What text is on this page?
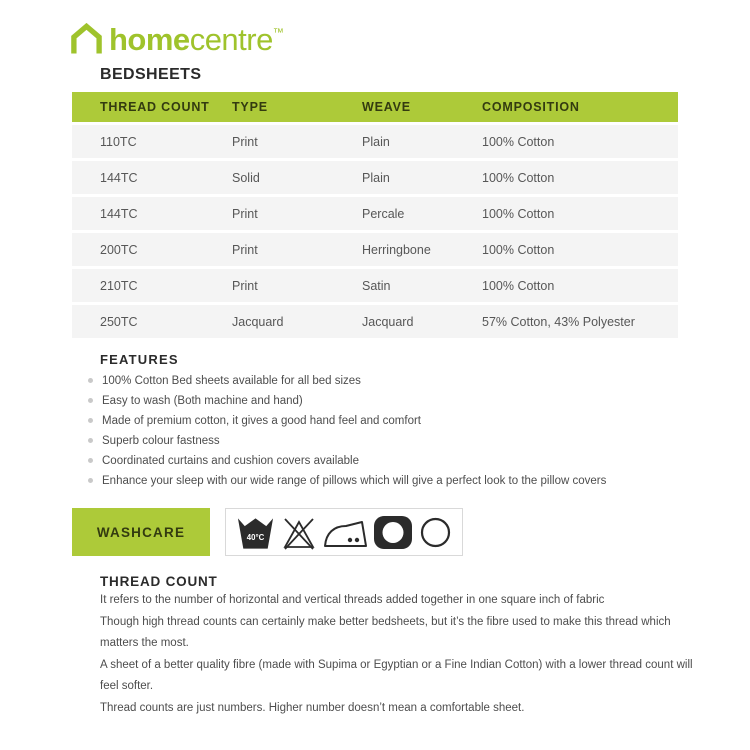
homecentre™
BEDSHEETS
THREAD COUNT	TYPE	WEAVE	COMPOSITION
110TC	Print	Plain	100% Cotton
144TC	Solid	Plain	100% Cotton
144TC	Print	Percale	100% Cotton
200TC	Print	Herringbone	100% Cotton
210TC	Print	Satin	100% Cotton
250TC	Jacquard	Jacquard	57% Cotton, 43% Polyester
FEATURES
100% Cotton Bed sheets available for all bed sizes
Easy to wash (Both machine and hand)
Made of premium cotton, it gives a good hand feel and comfort
Superb colour fastness
Coordinated curtains and cushion covers available
Enhance your sleep with our wide range of pillows which will give a perfect look to the pillow covers
WASHCARE	40°C
THREAD COUNT
It refers to the number of horizontal and vertical threads added together in one square inch of fabric
Though high thread counts can certainly make better bedsheets, but it’s the fibre used to make this thread which
matters the most.
A sheet of a better quality fibre (made with Supima or Egyptian or a Fine Indian Cotton) with a lower thread count will
feel softer.
Thread counts are just numbers. Higher number doesn’t mean a comfortable sheet.
